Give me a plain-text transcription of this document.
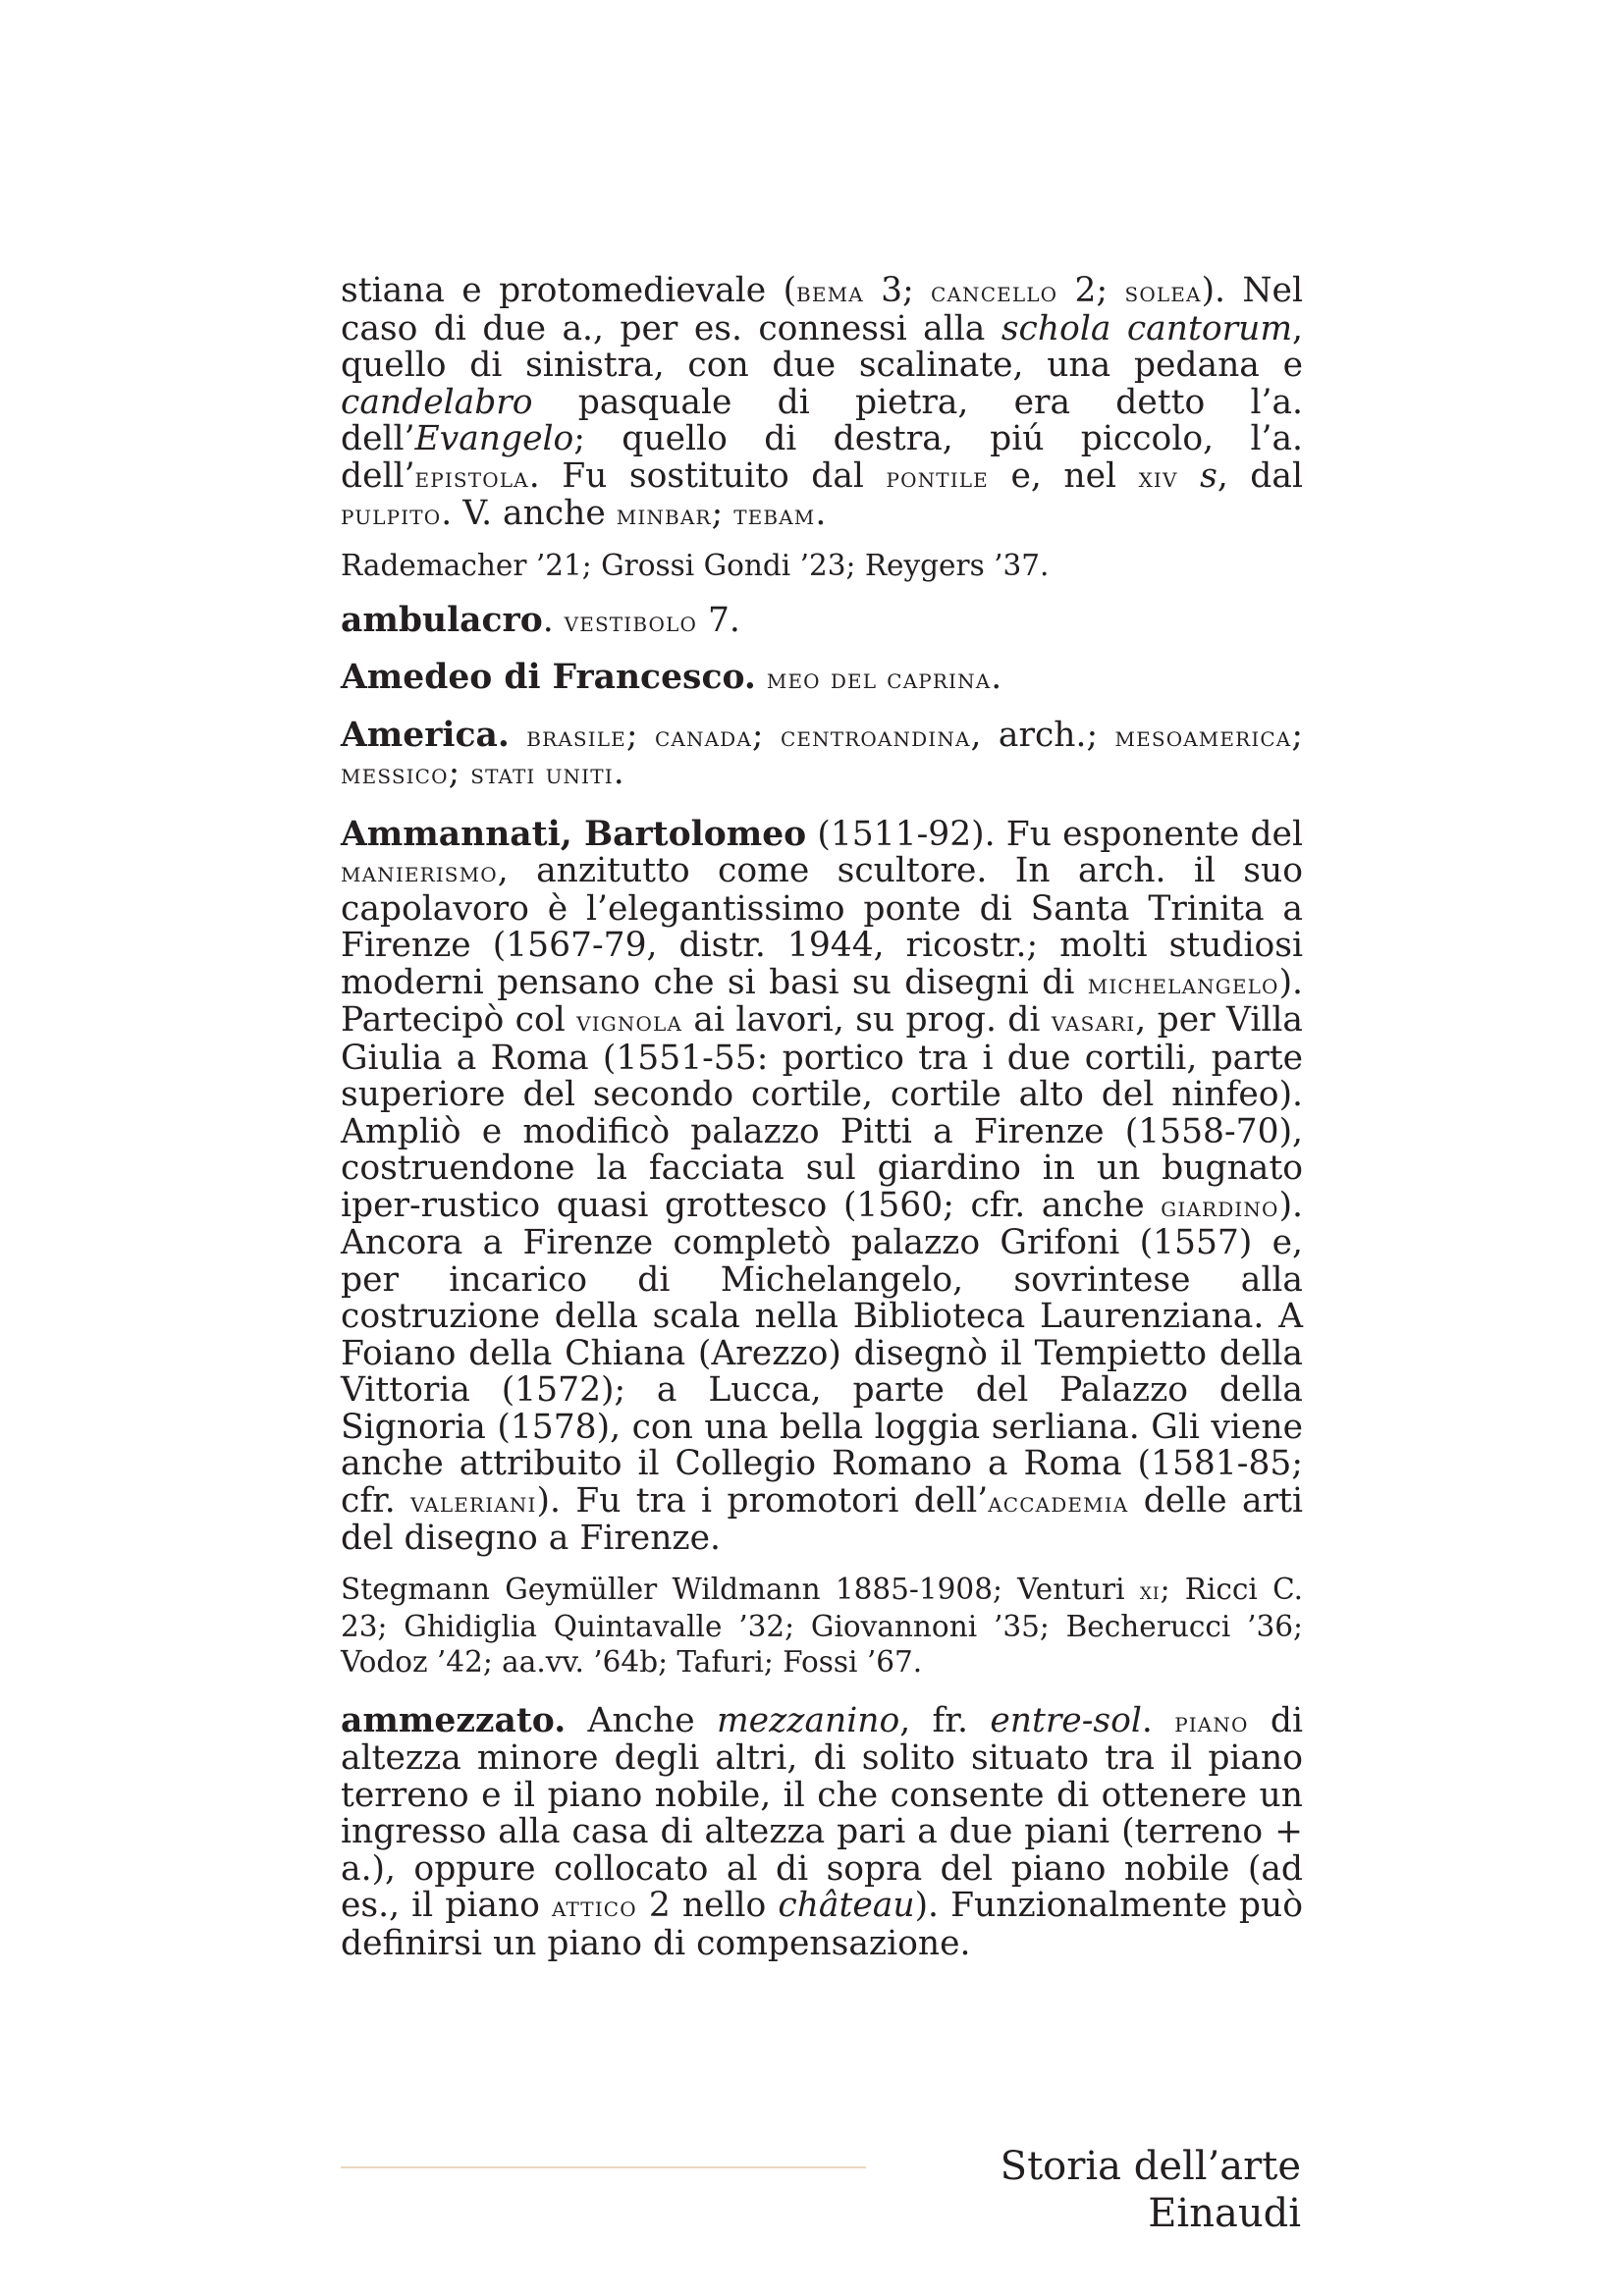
stiana e protomedievale (bema 3; cancello 2; solea). Nel caso di due a., per es. connessi alla schola cantorum, quello di sinistra, con due scalinate, una pedana e candelabro pasquale di pietra, era detto l’a. dell’Evangelo; quello di destra, piú piccolo, l’a. dell’epistola. Fu sostituito dal pontile e, nel xiv s, dal pulpito. V. anche minbar; tebam.

Rademacher ’21; Grossi Gondi ’23; Reygers ’37.

ambulacro. vestibolo 7.

Amedeo di Francesco. meo del caprina.

America. brasile; canada; centroandina, arch.; mesoamerica; messico; stati uniti.

Ammannati, Bartolomeo (1511-92). Fu esponente del manierismo, anzitutto come scultore. In arch. il suo capolavoro è l’elegantissimo ponte di Santa Trinita a Firenze (1567-79, distr. 1944, ricostr.; molti studiosi moderni pensano che si basi su disegni di michelangelo). Partecipò col vignola ai lavori, su prog. di vasari, per Villa Giulia a Roma (1551-55: portico tra i due cortili, parte superiore del secondo cortile, cortile alto del ninfeo). Ampliò e modificò palazzo Pitti a Firenze (1558-70), costruendone la facciata sul giardino in un bugnato iper-rustico quasi grottesco (1560; cfr. anche giardino). Ancora a Firenze completò palazzo Grifoni (1557) e, per incarico di Michelangelo, sovrintese alla costruzione della scala nella Biblioteca Laurenziana. A Foiano della Chiana (Arezzo) disegnò il Tempietto della Vittoria (1572); a Lucca, parte del Palazzo della Signoria (1578), con una bella loggia serliana. Gli viene anche attribuito il Collegio Romano a Roma (1581-85; cfr. valeriani). Fu tra i promotori dell’accademia delle arti del disegno a Firenze.

Stegmann Geymüller Wildmann 1885-1908; Venturi xi; Ricci C. 23; Ghidiglia Quintavalle ’32; Giovannoni ’35; Becherucci ’36; Vodoz ’42; aa.vv. ’64b; Tafuri; Fossi ’67.

ammezzato. Anche mezzanino, fr. entre-sol. piano di altezza minore degli altri, di solito situato tra il piano terreno e il piano nobile, il che consente di ottenere un ingresso alla casa di altezza pari a due piani (terreno + a.), oppure collocato al di sopra del piano nobile (ad es., il piano attico 2 nello château). Funzionalmente può definirsi un piano di compensazione.

Storia dell’arte Einaudi
